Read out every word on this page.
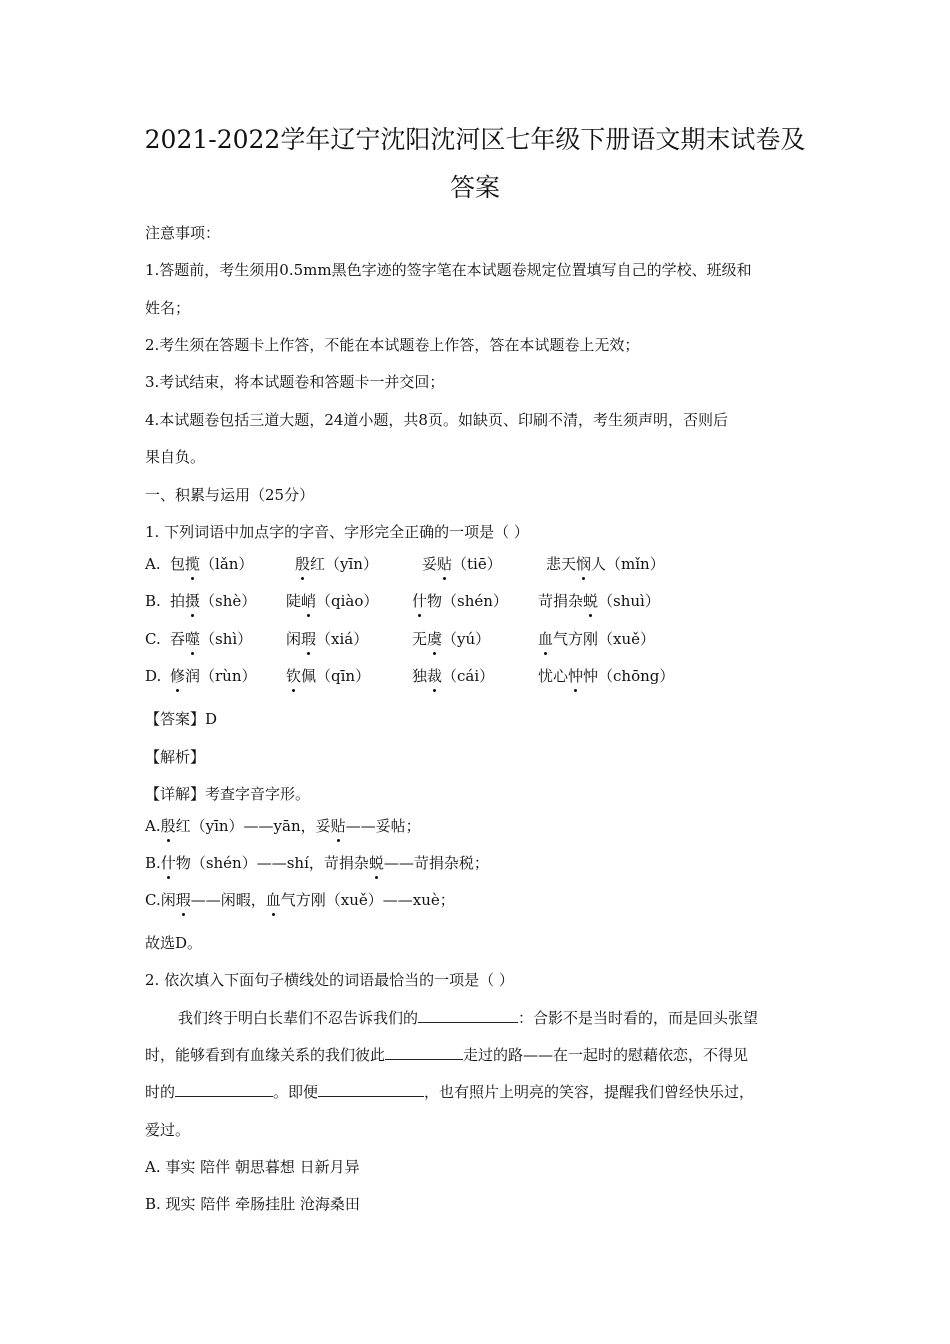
2021-2022学年辽宁沈阳沈河区七年级下册语文期末试卷及
答案
注意事项：
1.答题前，考生须用0.5mm黑色字迹的签字笔在本试题卷规定位置填写自己的学校、班级和
姓名；
2.考生须在答题卡上作答，不能在本试题卷上作答，答在本试题卷上无效；
3.考试结束，将本试题卷和答题卡一并交回；
4.本试题卷包括三道大题，24道小题，共8页。如缺页、印刷不清，考生须声明，否则后
果自负。
一、积累与运用（25分）
1. 下列词语中加点字的字音、字形完全正确的一项是（ ）
A. 包揽（lǎn）	殷红（yīn）	妥贴（tiē）	悲天悯人（mǐn）
B. 拍摄（shè） 陡峭（qiào） 什物（shén） 苛捐杂蜕（shuì）
C. 吞噬（shì） 闲瑕（xiá）	无虞（yú）	血气方刚（xuě）
D. 修润（rùn） 钦佩（qīn）	独裁（cái）	忧心忡忡（chōng）
【答案】D
【解析】
【详解】考查字音字形。
A.殷红（yīn）——yān，妥贴——妥帖；
B.什物（shén）——shí，苛捐杂蜕——苛捐杂税；
C.闲瑕——闲暇，血气方刚（xuě）——xuè；
故选D。
2. 依次填入下面句子横线处的词语最恰当的一项是（ ）
我们终于明白长辈们不忍告诉我们的	：合影不是当时看的，而是回头张望
时，能够看到有血缘关系的我们彼此	走过的路——在一起时的慰藉依恋，不得见
时的	。即便	，也有照片上明亮的笑容，提醒我们曾经快乐过，
爱过。
A. 事实 陪伴 朝思暮想 日新月异
B. 现实 陪伴 牵肠挂肚 沧海桑田
